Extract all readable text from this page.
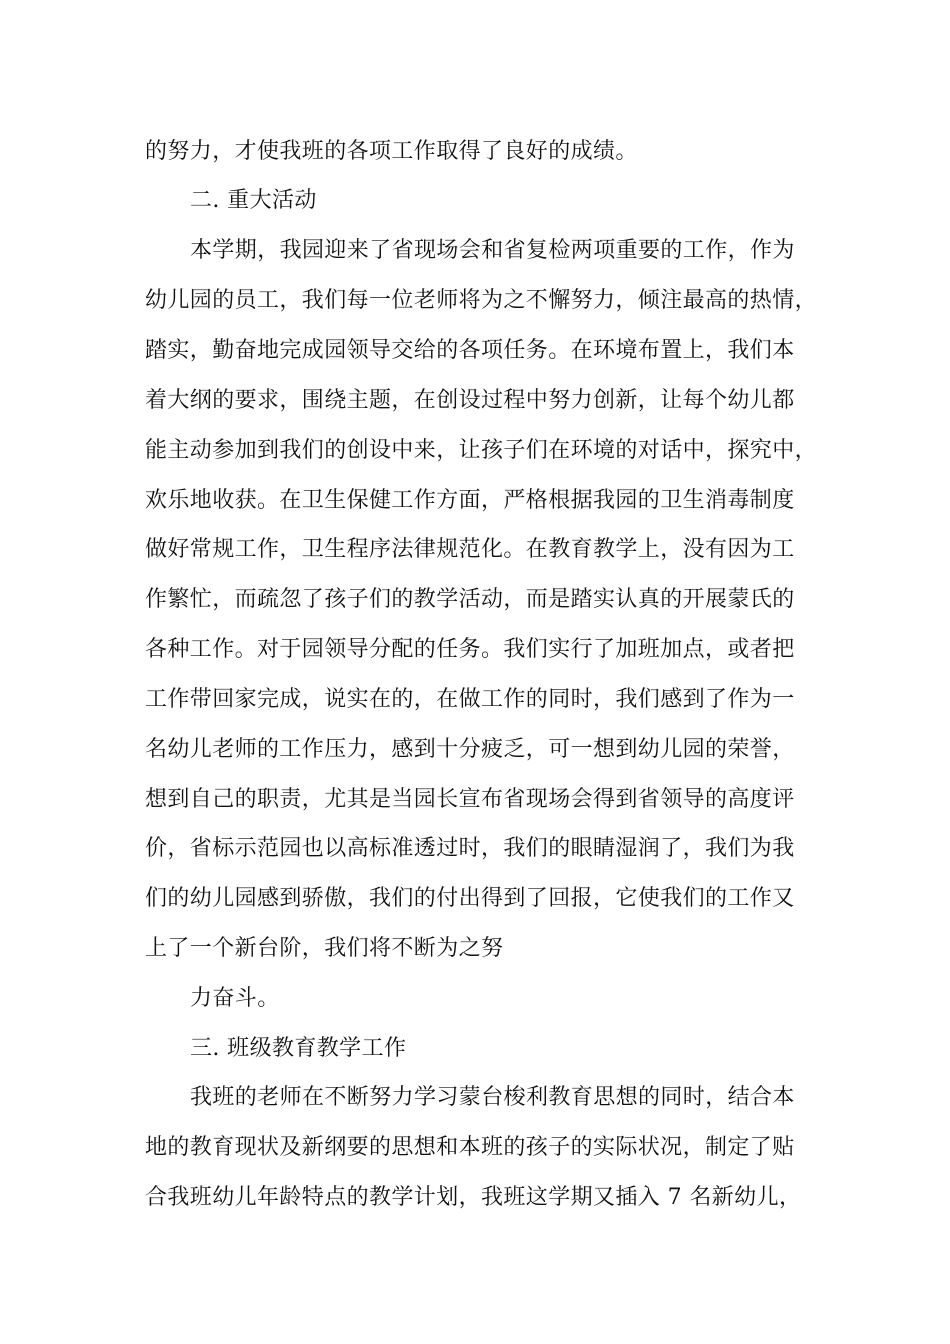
的努力，才使我班的各项工作取得了良好的成绩。
二. 重大活动
本学期，我园迎来了省现场会和省复检两项重要的工作，作为
幼儿园的员工，我们每一位老师将为之不懈努力，倾注最高的热情，
踏实，勤奋地完成园领导交给的各项任务。在环境布置上，我们本
着大纲的要求，围绕主题，在创设过程中努力创新，让每个幼儿都
能主动参加到我们的创设中来，让孩子们在环境的对话中，探究中，
欢乐地收获。在卫生保健工作方面，严格根据我园的卫生消毒制度
做好常规工作，卫生程序法律规范化。在教育教学上，没有因为工
作繁忙，而疏忽了孩子们的教学活动，而是踏实认真的开展蒙氏的
各种工作。对于园领导分配的任务。我们实行了加班加点，或者把
工作带回家完成，说实在的，在做工作的同时，我们感到了作为一
名幼儿老师的工作压力，感到十分疲乏，可一想到幼儿园的荣誉，
想到自己的职责，尤其是当园长宣布省现场会得到省领导的高度评
价，省标示范园也以高标准透过时，我们的眼睛湿润了，我们为我
们的幼儿园感到骄傲，我们的付出得到了回报，它使我们的工作又
上了一个新台阶，我们将不断为之努
力奋斗。
三. 班级教育教学工作
我班的老师在不断努力学习蒙台梭利教育思想的同时，结合本
地的教育现状及新纲要的思想和本班的孩子的实际状况，制定了贴
合我班幼儿年龄特点的教学计划，我班这学期又插入 7 名新幼儿，
